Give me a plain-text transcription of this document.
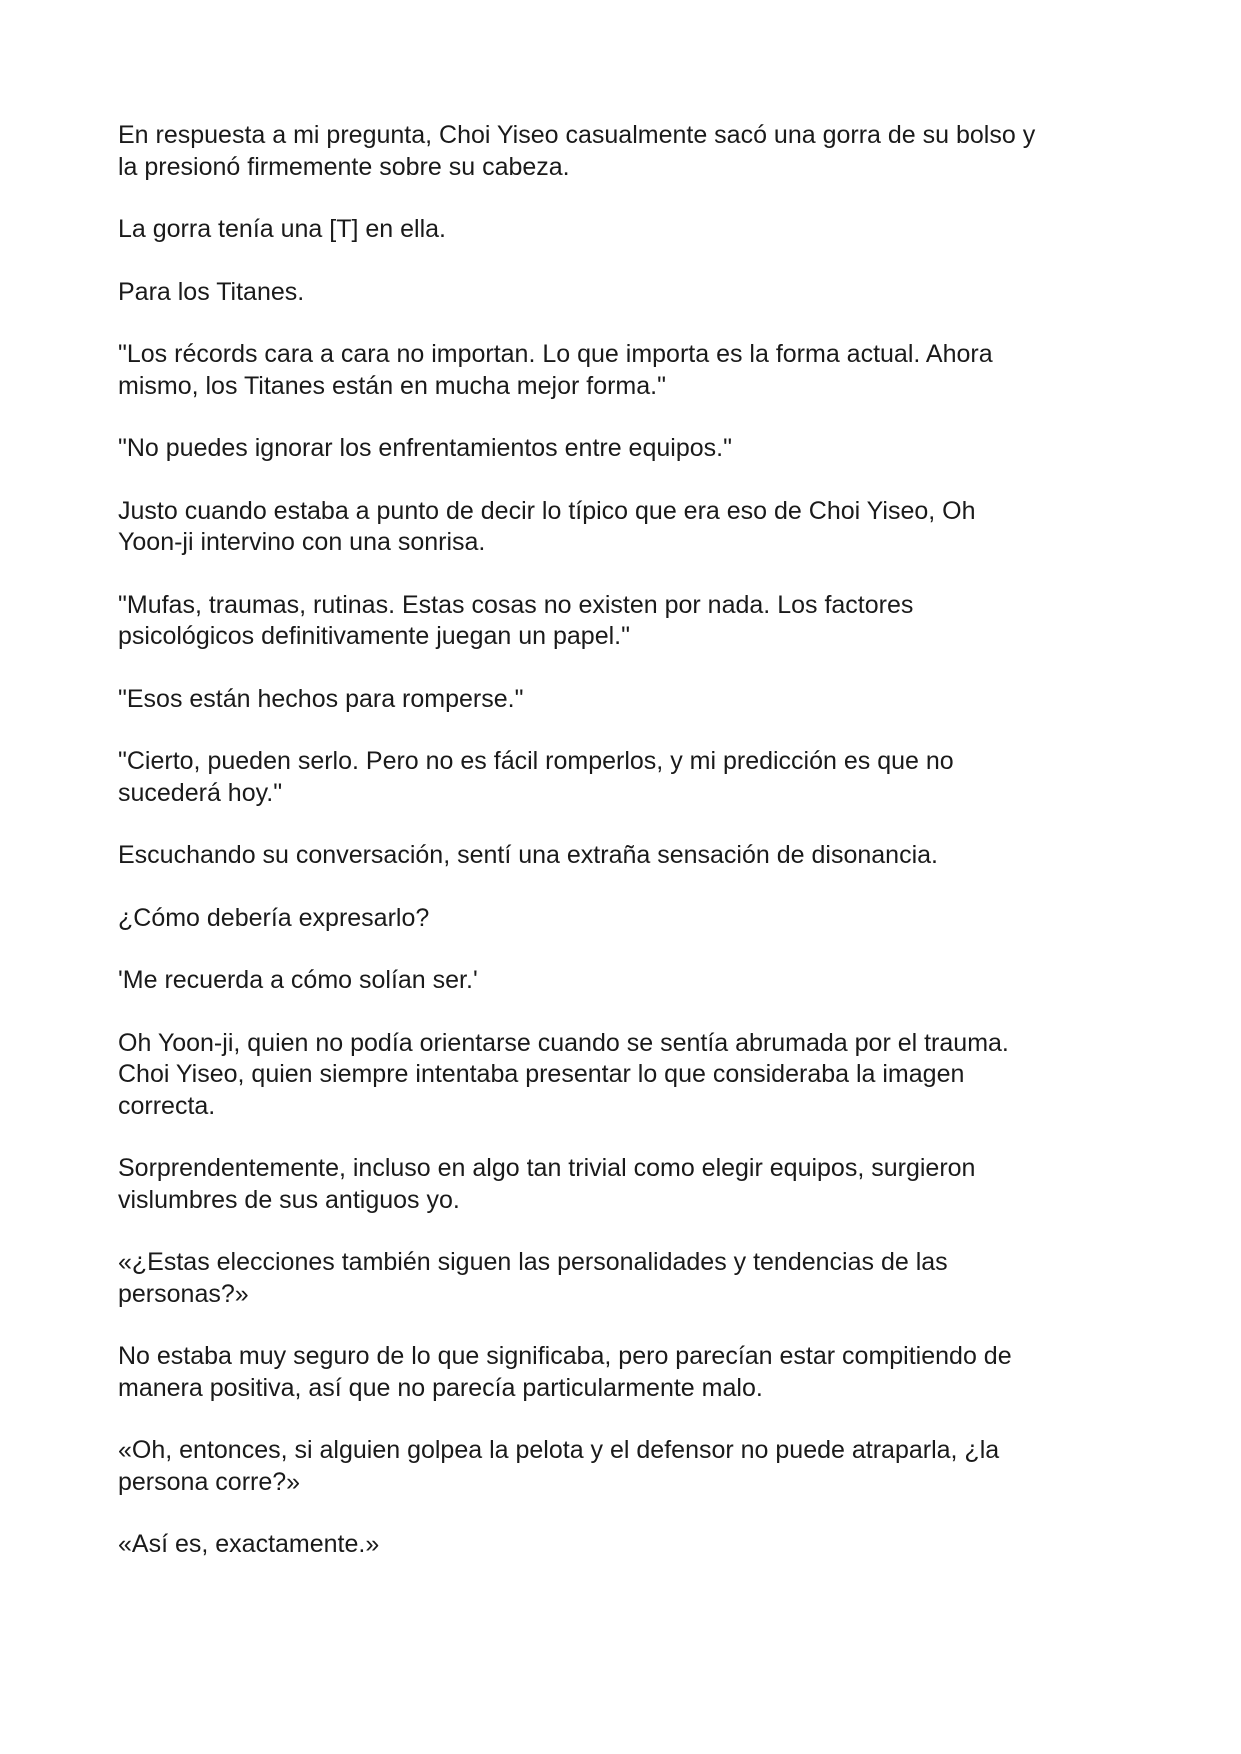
En respuesta a mi pregunta, Choi Yiseo casualmente sacó una gorra de su bolso y
la presionó firmemente sobre su cabeza.

La gorra tenía una [T] en ella.

Para los Titanes.

"Los récords cara a cara no importan. Lo que importa es la forma actual. Ahora
mismo, los Titanes están en mucha mejor forma."

"No puedes ignorar los enfrentamientos entre equipos."

Justo cuando estaba a punto de decir lo típico que era eso de Choi Yiseo, Oh
Yoon-ji intervino con una sonrisa.

"Mufas, traumas, rutinas. Estas cosas no existen por nada. Los factores
psicológicos definitivamente juegan un papel."

"Esos están hechos para romperse."

"Cierto, pueden serlo. Pero no es fácil romperlos, y mi predicción es que no
sucederá hoy."

Escuchando su conversación, sentí una extraña sensación de disonancia.

¿Cómo debería expresarlo?

'Me recuerda a cómo solían ser.'

Oh Yoon-ji, quien no podía orientarse cuando se sentía abrumada por el trauma.
Choi Yiseo, quien siempre intentaba presentar lo que consideraba la imagen
correcta.

Sorprendentemente, incluso en algo tan trivial como elegir equipos, surgieron
vislumbres de sus antiguos yo.

«¿Estas elecciones también siguen las personalidades y tendencias de las
personas?»

No estaba muy seguro de lo que significaba, pero parecían estar compitiendo de
manera positiva, así que no parecía particularmente malo.

«Oh, entonces, si alguien golpea la pelota y el defensor no puede atraparla, ¿la
persona corre?»

«Así es, exactamente.»
